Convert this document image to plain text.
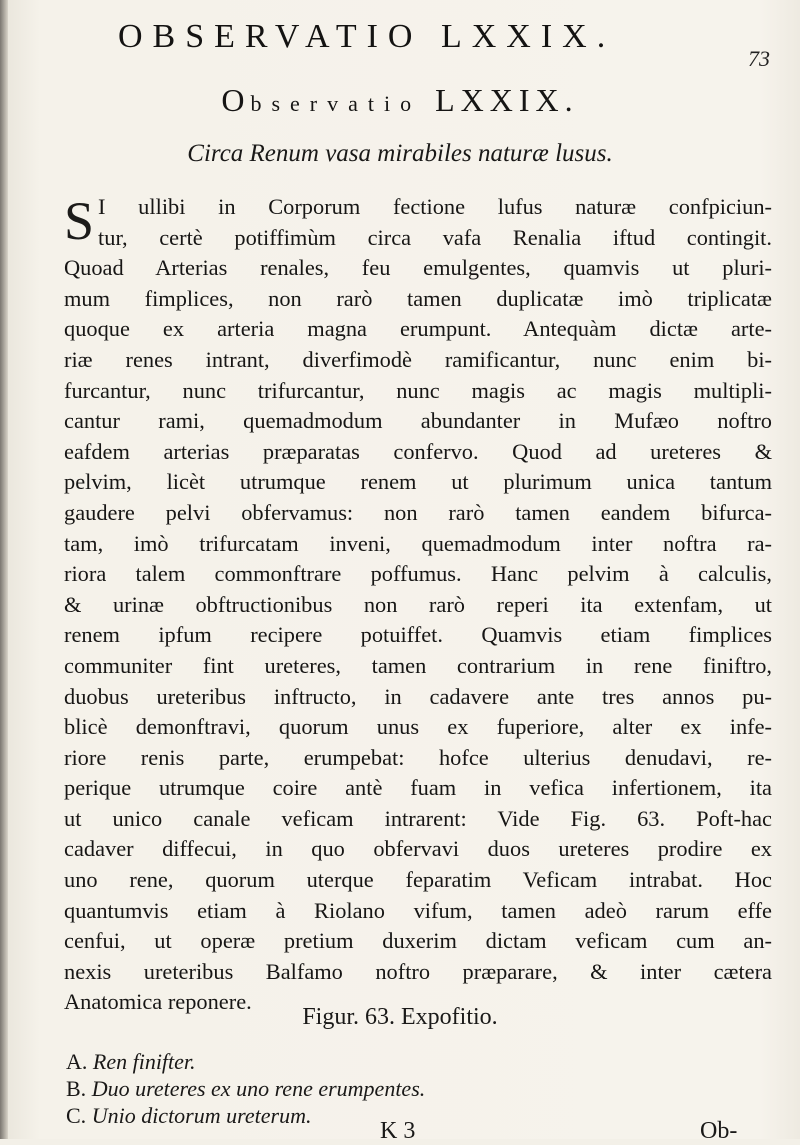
OBSERVATIO LXXIX.
73
Observatio LXXIX.
Circa Renum vasa mirabiles naturæ lusus.
S I ullibi in Corporum fectione lufus naturæ confpiciun-
tur, certè potiffimùm circa vafa Renalia iftud contingit.
Quoad Arterias renales, feu emulgentes, quamvis ut pluri-
mum fimplices, non rarò tamen duplicatæ imò triplicatæ
quoque ex arteria magna erumpunt. Antequàm dictæ arte-
riæ renes intrant, diverfimodè ramificantur, nunc enim bi-
furcantur, nunc trifurcantur, nunc magis ac magis multipli-
cantur rami, quemadmodum abundanter in Mufæo noftro
eafdem arterias præparatas confervo. Quod ad ureteres &
pelvim, licèt utrumque renem ut plurimum unica tantum
gaudere pelvi obfervamus: non rarò tamen eandem bifurca-
tam, imò trifurcatam inveni, quemadmodum inter noftra ra-
riora talem commonftrare poffumus. Hanc pelvim à calculis,
& urinæ obftructionibus non rarò reperi ita extenfam, ut
renem ipfum recipere potuiffet. Quamvis etiam fimplices
communiter fint ureteres, tamen contrarium in rene finiftro,
duobus ureteribus inftructo, in cadavere ante tres annos pu-
blicè demonftravi, quorum unus ex fuperiore, alter ex infe-
riore renis parte, erumpebat: hofce ulterius denudavi, re-
perique utrumque coire antè fuam in vefica infertionem, ita
ut unico canale veficam intrarent: Vide Fig. 63. Poft-hac
cadaver diffecui, in quo obfervavi duos ureteres prodire ex
uno rene, quorum uterque feparatim Veficam intrabat. Hoc
quantumvis etiam à Riolano vifum, tamen adeò rarum effe
cenfui, ut operæ pretium duxerim dictam veficam cum an-
nexis ureteribus Balfamo noftro præparare, & inter cætera
Anatomica reponere.
Figur. 63. Expofitio.
A. Ren finifter.
B. Duo ureteres ex uno rene erumpentes.
C. Unio dictorum ureterum.
K 3	Ob-
